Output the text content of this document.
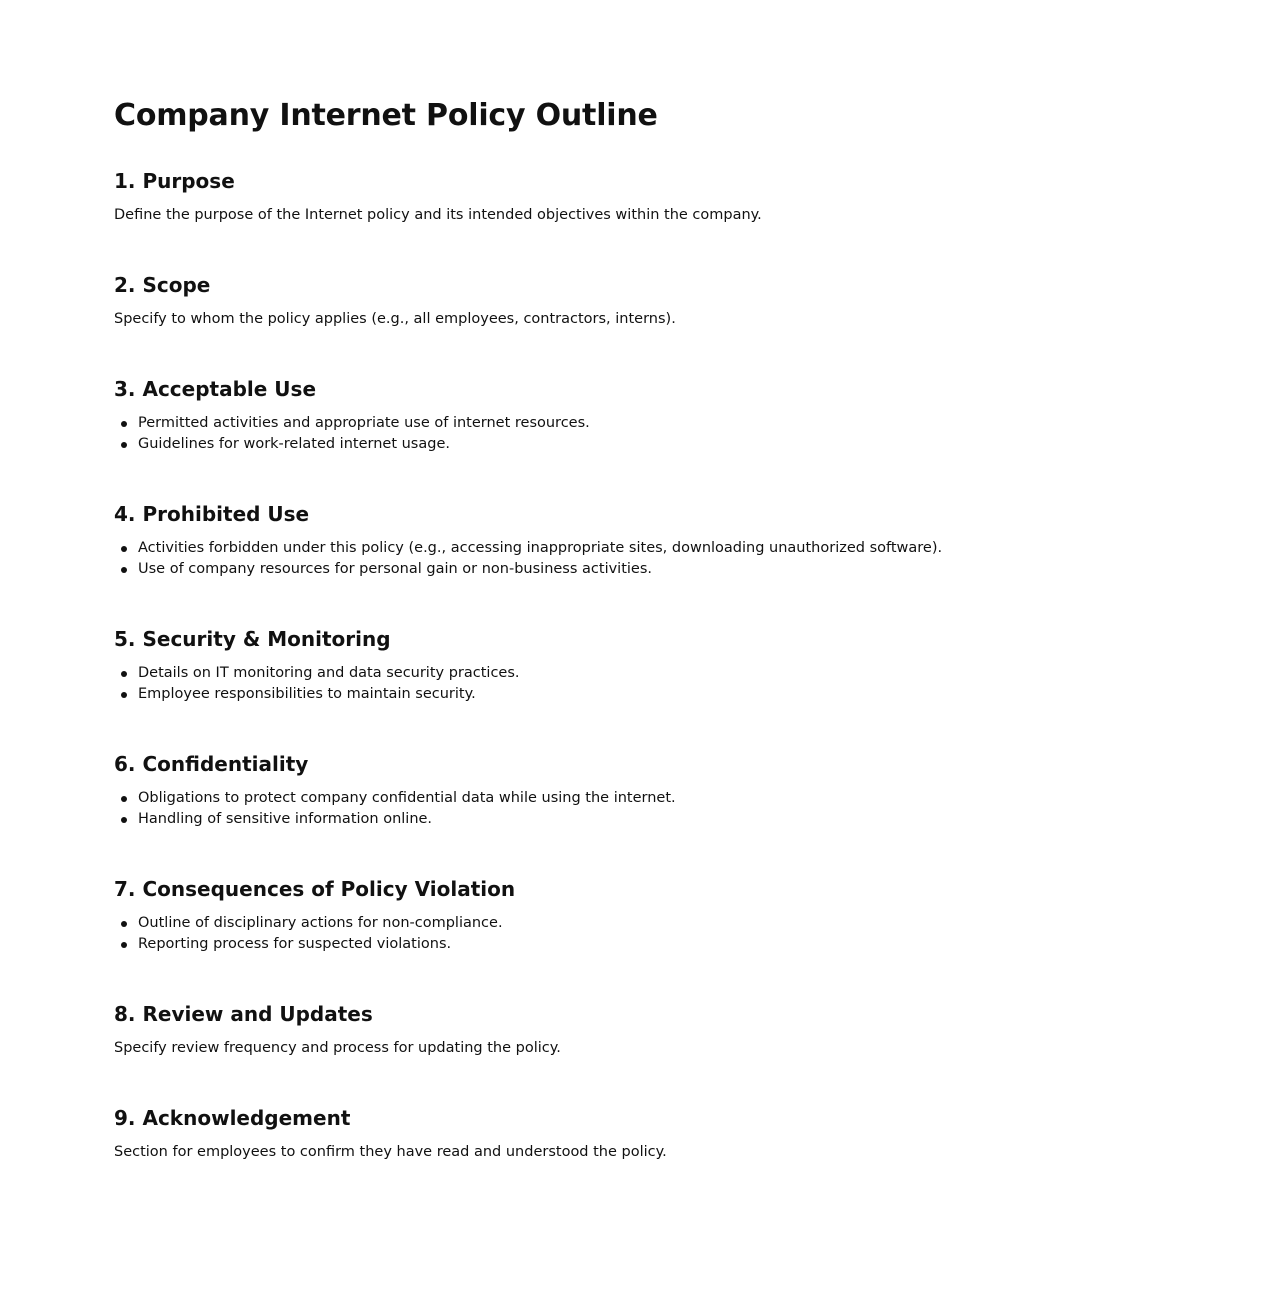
Company Internet Policy Outline
1. Purpose

Define the purpose of the Internet policy and its intended objectives within the company.

2. Scope

Specify to whom the policy applies (e.g., all employees, contractors, interns).

3. Acceptable Use
Permitted activities and appropriate use of internet resources.
Guidelines for work-related internet usage.
4. Prohibited Use
Activities forbidden under this policy (e.g., accessing inappropriate sites, downloading unauthorized software).
Use of company resources for personal gain or non-business activities.
5. Security & Monitoring
Details on IT monitoring and data security practices.
Employee responsibilities to maintain security.
6. Confidentiality
Obligations to protect company confidential data while using the internet.
Handling of sensitive information online.
7. Consequences of Policy Violation
Outline of disciplinary actions for non-compliance.
Reporting process for suspected violations.
8. Review and Updates

Specify review frequency and process for updating the policy.

9. Acknowledgement

Section for employees to confirm they have read and understood the policy.
